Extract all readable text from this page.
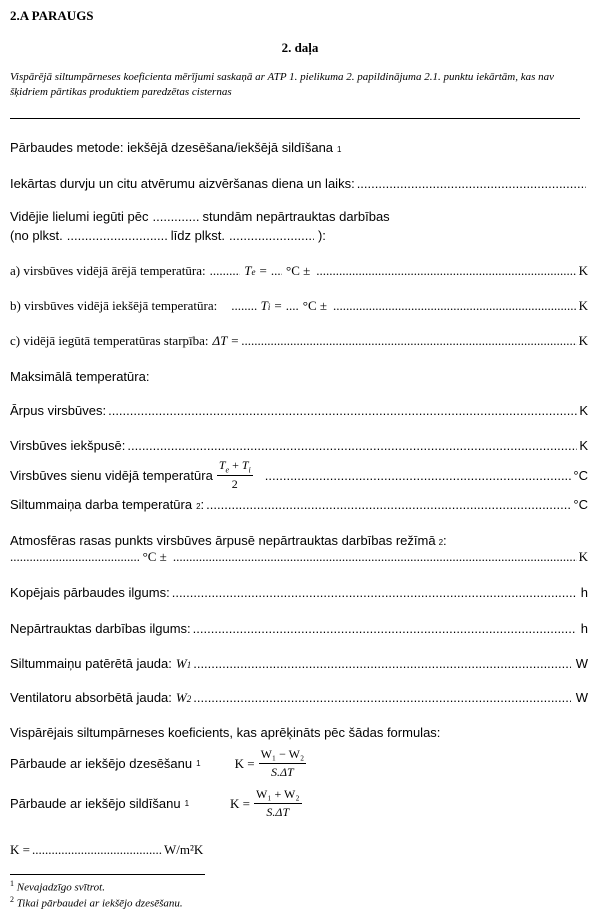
2.A PARAUGS
2. daļa
Vispārējā siltumpārneses koeficienta mērījumi saskaņā ar ATP 1. pielikuma 2. papildinājuma 2.1. punktu iekārtām, kas nav šķidriem pārtikas produktiem paredzētas cisternas
Pārbaudes metode: iekšējā dzesēšana/iekšējā sildīšana 1
Iekārtas durvju un citu atvērumu aizvēršanas diena un laiks:
.....
Vidējie lielumi iegūti pēc .....	stundām nepārtrauktas darbības
(no plkst. .....	līdz plkst. .....	):
a) virsbūves vidējā ārējā temperatūra: .....	T e = ..... °C ± .....	K
b) virsbūves vidējā iekšējā temperatūra: .....	T i = ..... °C ± .....	K
c) vidējā iegūtā temperatūras starpība: ΔT = .....	K
Maksimālā temperatūra:
Ārpus virsbūves: .....	K
Virsbūves iekšpusē: .....	K
Virsbūves sienu vidējā temperatūra $\frac{T_e + T_i}{2}$ .....	°C
Siltummaiņa darba temperatūra 2 : .....	°C
Atmosfēras rasas punkts virsbūves ārpusē nepārtrauktas darbības režīmā 2 :
.....
°C ± .....	K
Kopējais pārbaudes ilgums: .....	h
Nepārtrauktas darbības ilgums: .....	h
Siltummaiņu patērētā jauda: W 1 .....	W
Ventilatoru absorbētā jauda: W 2 .....	W
Vispārējais siltumpārneses koeficients, kas aprēķināts pēc šādas formulas:
Pārbaude ar iekšējo dzesēšanu 1	$K = \frac{\text{W₁ − W₂}}{S.\Delta T}$
Pārbaude ar iekšējo sildīšanu 1	$K = \frac{\text{W₁ + W₂}}{S.\Delta T}$
K = .....	W/m²K
$^1$ Nevajadzīgo svītrot.
$^2$ Tikai pārbaudei ar iekšējo dzesēšanu.
